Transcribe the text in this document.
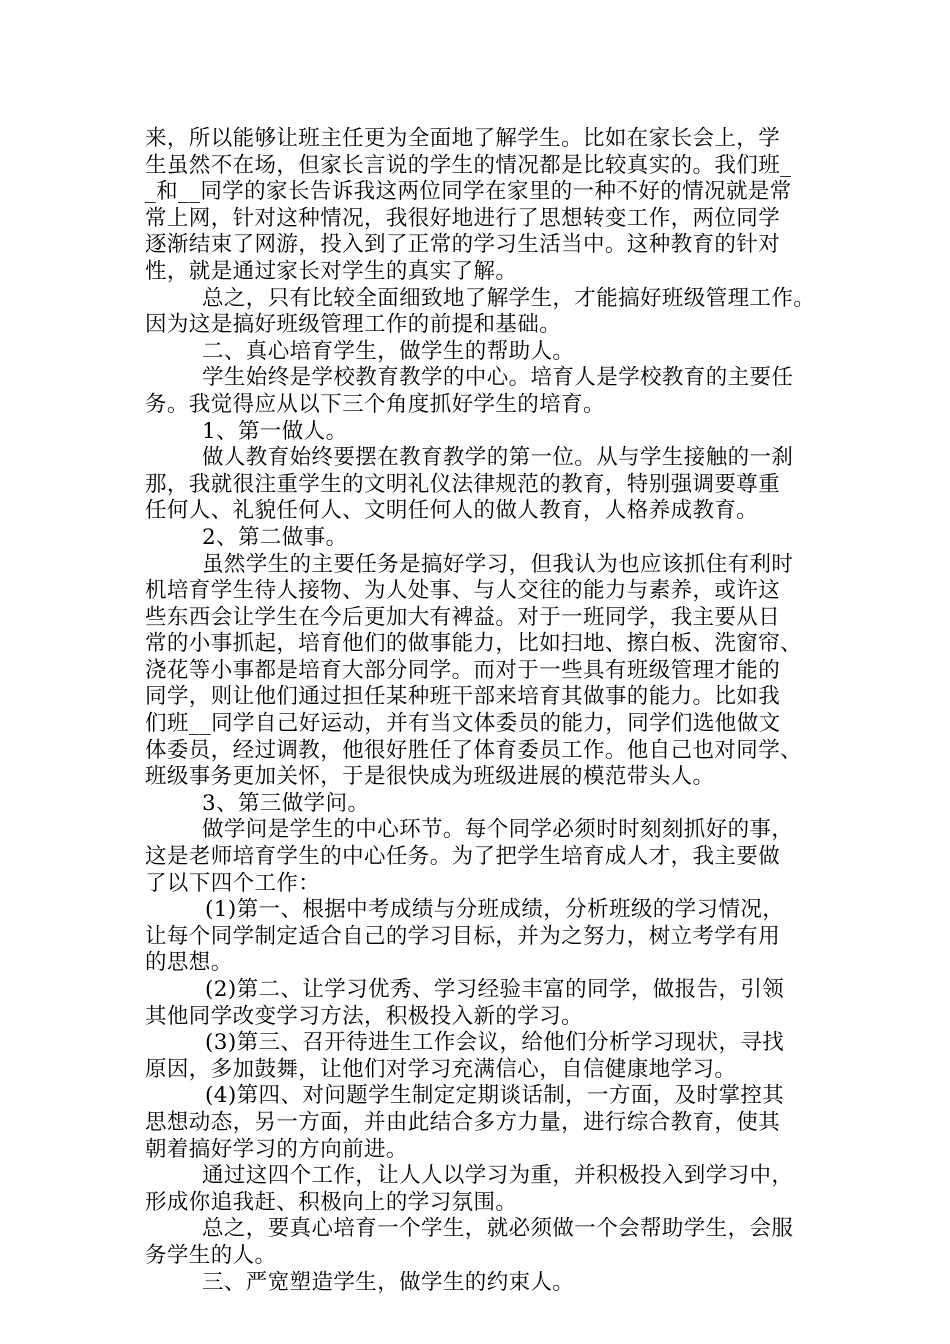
来，所以能够让班主任更为全面地了解学生。比如在家长会上，学
生虽然不在场，但家长言说的学生的情况都是比较真实的。我们班_
_和__同学的家长告诉我这两位同学在家里的一种不好的情况就是常
常上网，针对这种情况，我很好地进行了思想转变工作，两位同学
逐渐结束了网游，投入到了正常的学习生活当中。这种教育的针对
性，就是通过家长对学生的真实了解。
总之，只有比较全面细致地了解学生，才能搞好班级管理工作。
因为这是搞好班级管理工作的前提和基础。
二、真心培育学生，做学生的帮助人。
学生始终是学校教育教学的中心。培育人是学校教育的主要任
务。我觉得应从以下三个角度抓好学生的培育。
1、第一做人。
做人教育始终要摆在教育教学的第一位。从与学生接触的一刹
那，我就很注重学生的文明礼仪法律规范的教育，特别强调要尊重
任何人、礼貌任何人、文明任何人的做人教育，人格养成教育。
2、第二做事。
虽然学生的主要任务是搞好学习，但我认为也应该抓住有利时
机培育学生待人接物、为人处事、与人交往的能力与素养，或许这
些东西会让学生在今后更加大有裨益。对于一班同学，我主要从日
常的小事抓起，培育他们的做事能力，比如扫地、擦白板、洗窗帘、
浇花等小事都是培育大部分同学。而对于一些具有班级管理才能的
同学，则让他们通过担任某种班干部来培育其做事的能力。比如我
们班__同学自己好运动，并有当文体委员的能力，同学们选他做文
体委员，经过调教，他很好胜任了体育委员工作。他自己也对同学、
班级事务更加关怀，于是很快成为班级进展的模范带头人。
3、第三做学问。
做学问是学生的中心环节。每个同学必须时时刻刻抓好的事，
这是老师培育学生的中心任务。为了把学生培育成人才，我主要做
了以下四个工作：
(1)第一、根据中考成绩与分班成绩，分析班级的学习情况，
让每个同学制定适合自己的学习目标，并为之努力，树立考学有用
的思想。
(2)第二、让学习优秀、学习经验丰富的同学，做报告，引领
其他同学改变学习方法，积极投入新的学习。
(3)第三、召开待进生工作会议，给他们分析学习现状，寻找
原因，多加鼓舞，让他们对学习充满信心，自信健康地学习。
(4)第四、对问题学生制定定期谈话制，一方面，及时掌控其
思想动态，另一方面，并由此结合多方力量，进行综合教育，使其
朝着搞好学习的方向前进。
通过这四个工作，让人人以学习为重，并积极投入到学习中，
形成你追我赶、积极向上的学习氛围。
总之，要真心培育一个学生，就必须做一个会帮助学生，会服
务学生的人。
三、严宽塑造学生，做学生的约束人。
